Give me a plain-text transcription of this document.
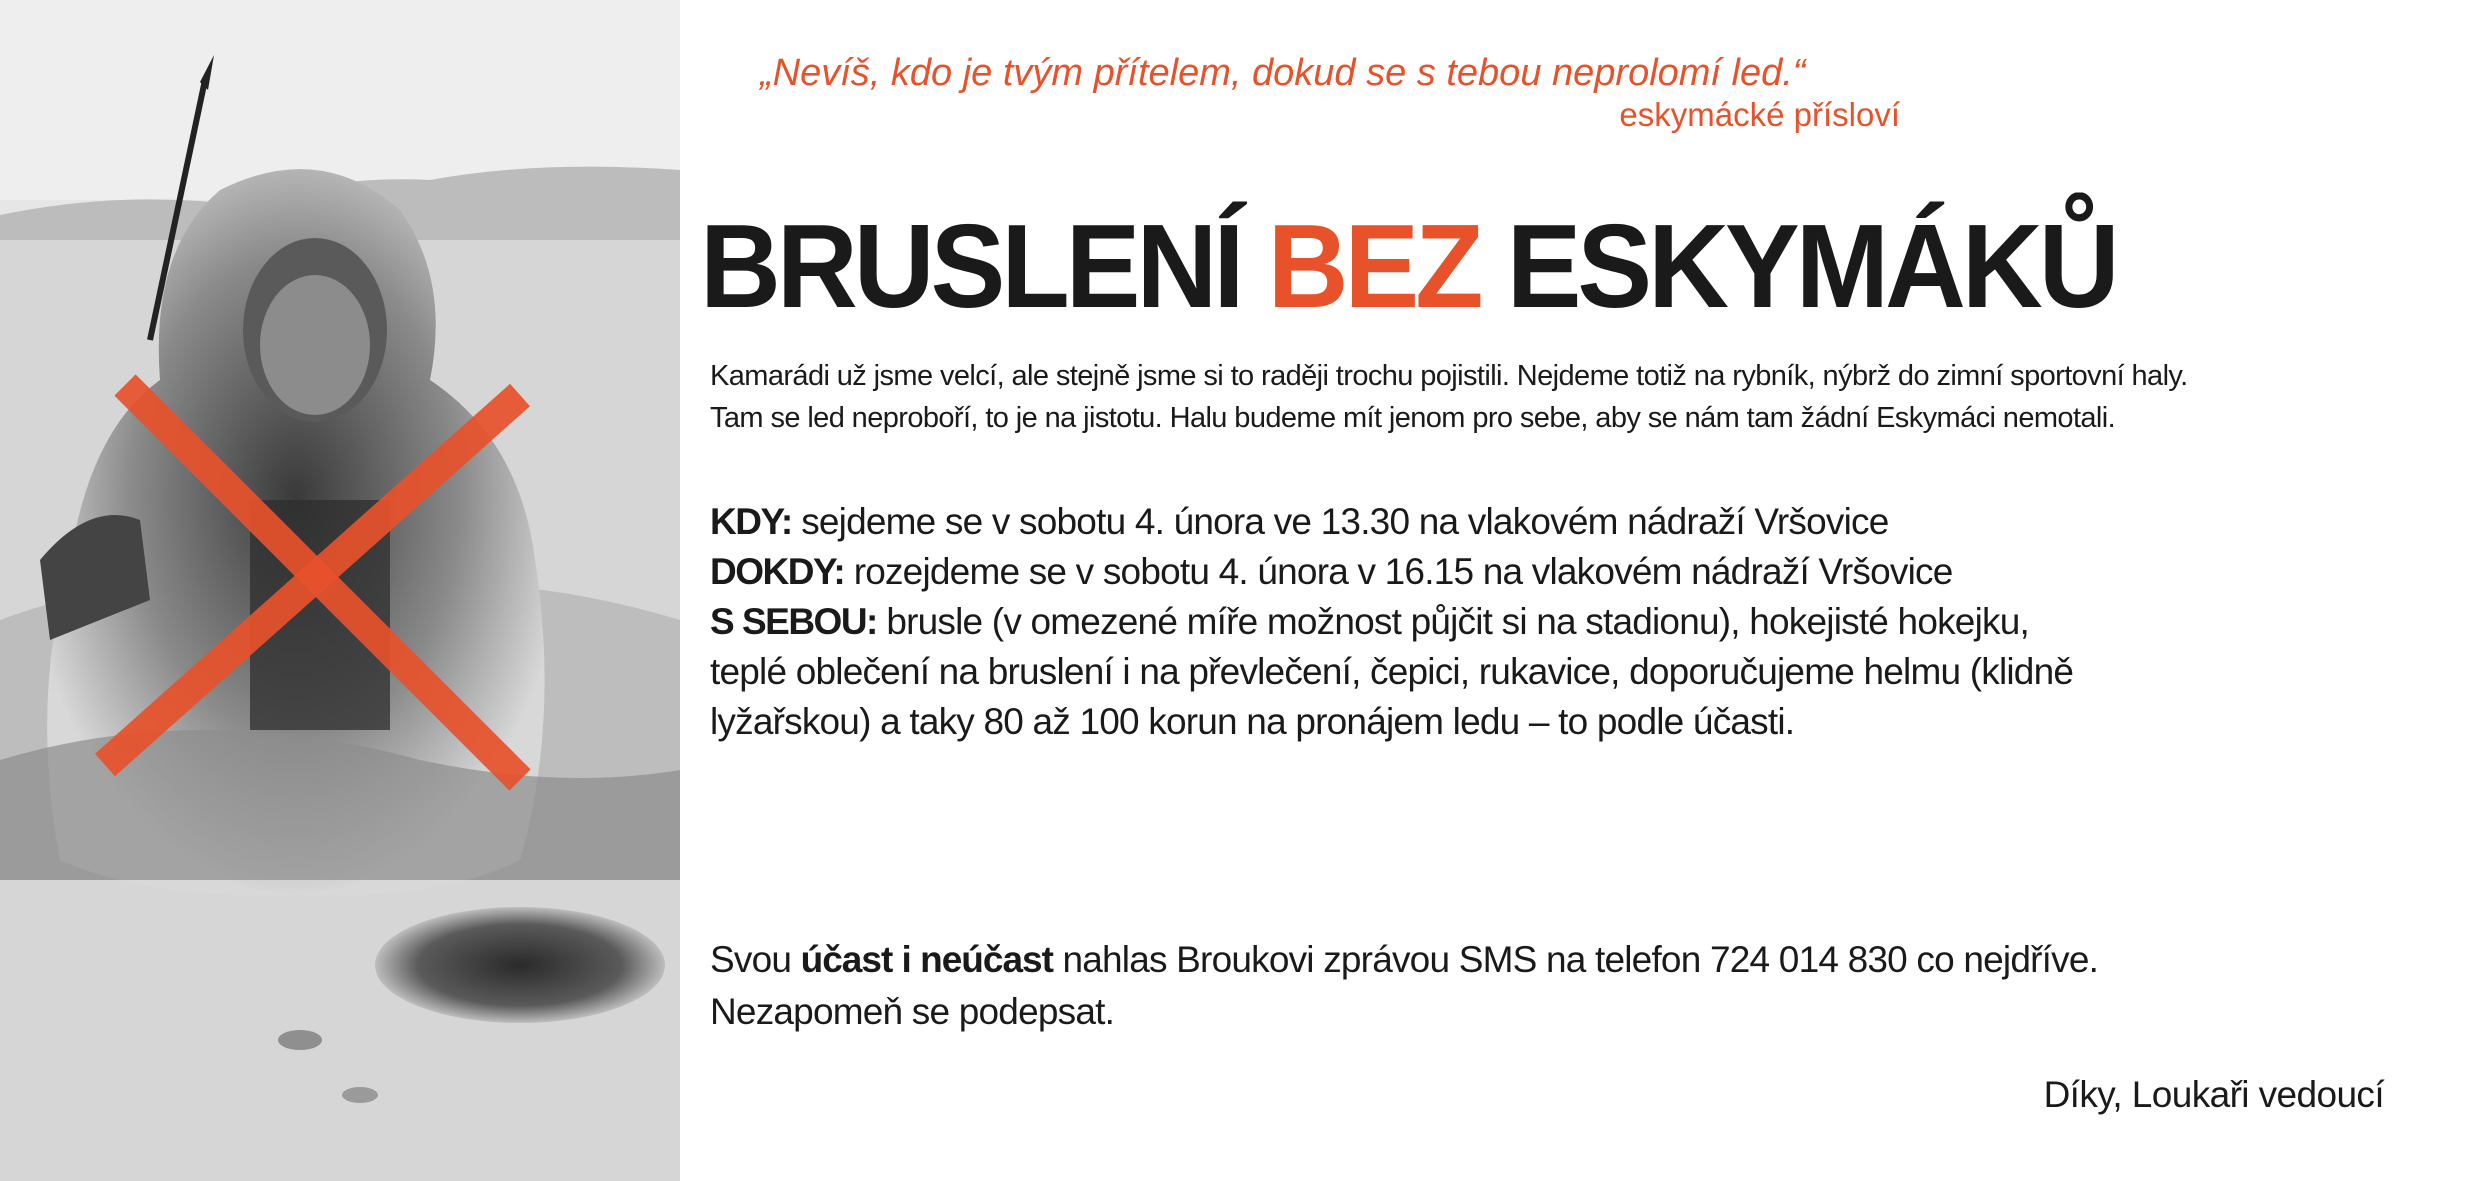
„Nevíš, kdo je tvým přítelem, dokud se s tebou neprolomí led.“
eskymácké přísloví
BRUSLENÍ BEZ ESKYMÁKŮ
Kamarádi už jsme velcí, ale stejně jsme si to raději trochu pojistili. Nejdeme totiž na rybník, nýbrž do zimní sportovní haly.
Tam se led neproboří, to je na jistotu. Halu budeme mít jenom pro sebe, aby se nám tam žádní Eskymáci nemotali.
KDY: sejdeme se v sobotu 4. února ve 13.30 na vlakovém nádraží Vršovice
DOKDY: rozejdeme se v sobotu 4. února v 16.15 na vlakovém nádraží Vršovice
S SEBOU: brusle (v omezené míře možnost půjčit si na stadionu), hokejisté hokejku,
teplé oblečení na bruslení i na převlečení, čepici, rukavice, doporučujeme helmu (klidně
lyžařskou) a taky 80 až 100 korun na pronájem ledu – to podle účasti.
Svou účast i neúčast nahlas Broukovi zprávou SMS na telefon 724 014 830 co nejdříve.
Nezapomeň se podepsat.
Díky, Loukaři vedoucí
